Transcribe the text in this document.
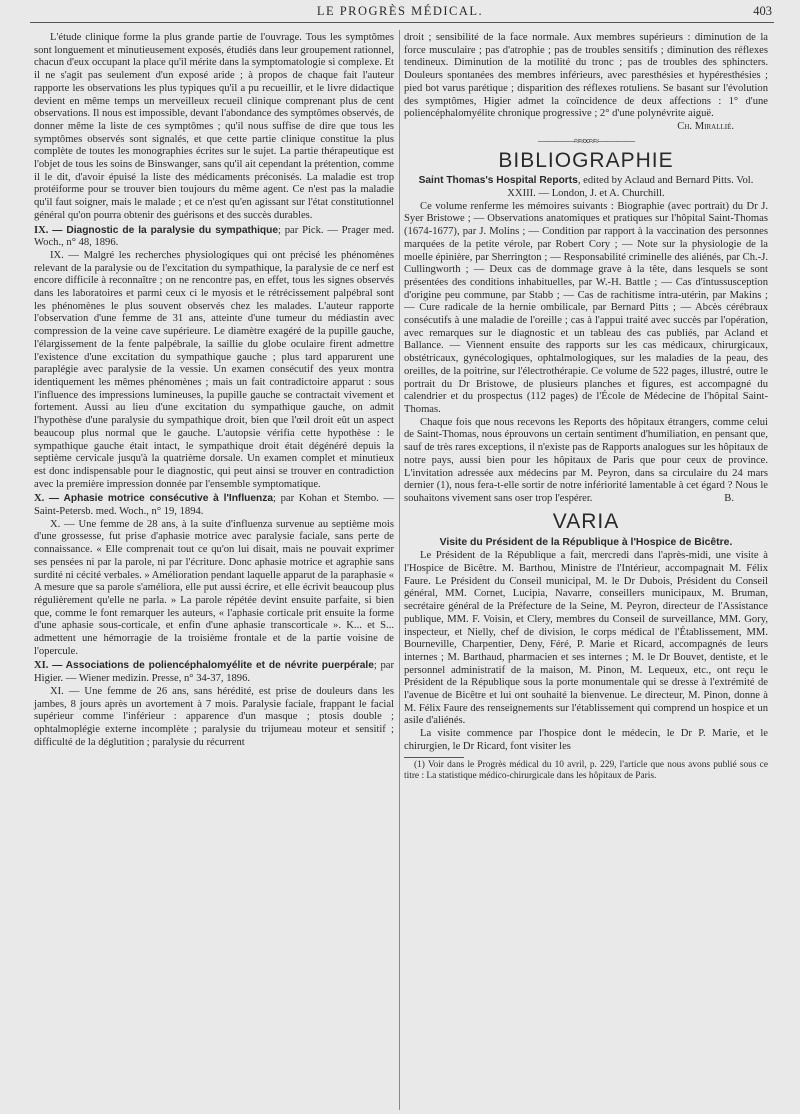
LE PROGRÈS MÉDICAL.	403

L'étude clinique forme la plus grande partie de l'ouvrage. Tous les symptômes sont longuement et minutieusement exposés, étudiés dans leur groupement rationnel, chacun d'eux occupant la place qu'il mérite dans la symptomatologie si complexe. Et il ne s'agit pas seulement d'un exposé aride ; à propos de chaque fait l'auteur rapporte les observations les plus typiques qu'il a pu recueillir, et le livre didactique devient en même temps un merveilleux recueil clinique comprenant plus de cent observations. Il nous est impossible, devant l'abondance des symptômes observés, de donner même la liste de ces symptômes ; qu'il nous suffise de dire que tous les symptômes observés sont signalés, et que cette partie clinique constitue la plus complète de toutes les monographies écrites sur le sujet. La partie thérapeutique est l'objet de tous les soins de Binswanger, sans qu'il ait cependant la prétention, comme il le dit, d'avoir épuisé la liste des médicaments préconisés. La maladie est trop protéiforme pour se trouver bien toujours du même agent. Ce n'est pas la maladie qu'il faut soigner, mais le malade ; et ce n'est qu'en agissant sur l'état constitutionnel général qu'on pourra obtenir des guérisons et des succès durables.

IX. — Diagnostic de la paralysie du sympathique; par Pick. — Prager med. Woch., n° 48, 1896.

IX. — Malgré les recherches physiologiques qui ont précisé les phénomènes relevant de la paralysie ou de l'excitation du sympathique, la paralysie de ce nerf est encore difficile à reconnaître ; on ne rencontre pas, en effet, tous les signes observés dans les laboratoires et parmi ceux ci le myosis et le rétrécissement palpébral sont les phénomènes le plus souvent observés chez les malades. L'auteur rapporte l'observation d'une femme de 31 ans, atteinte d'une tumeur du médiastin avec compression de la veine cave supérieure. Le diamètre exagéré de la pupille gauche, l'élargissement de la fente palpébrale, la saillie du globe oculaire firent admettre l'existence d'une excitation du sympathique gauche ; plus tard apparurent une paraplégie avec paralysie de la vessie. Un examen consécutif des yeux montra identiquement les mêmes phénomènes ; mais un fait contradictoire apparut : sous l'influence des impressions lumineuses, la pupille gauche se contractait vivement et fortement. Aussi au lieu d'une excitation du sympathique gauche, on admit l'hypothèse d'une paralysie du sympathique droit, bien que l'œil droit eût un aspect beaucoup plus normal que le gauche. L'autopsie vérifia cette hypothèse : le sympathique gauche était intact, le sympathique droit était dégénéré depuis la septième cervicale jusqu'à la quatrième dorsale. Un examen complet et minutieux est donc indispensable pour le diagnostic, qui peut ainsi se trouver en contradiction avec la première impression donnée par l'ensemble symptomatique.

X. — Aphasie motrice consécutive à l'Influenza; par Kohan et Stembo. — Saint-Petersb. med. Woch., n° 19, 1894.

X. — Une femme de 28 ans, à la suite d'influenza survenue au septième mois d'une grossesse, fut prise d'aphasie motrice avec paralysie faciale, sans perte de connaissance. « Elle comprenait tout ce qu'on lui disait, mais ne pouvait exprimer ses pensées ni par la parole, ni par l'écriture. Donc aphasie motrice et agraphie sans surdité ni cécité verbales. » Amélioration pendant laquelle apparut de la paraphasie « A mesure que sa parole s'améliora, elle put aussi écrire, et elle écrivit beaucoup plus régulièrement qu'elle ne parla. » La parole répétée devint ensuite parfaite, si bien que, comme le font remarquer les auteurs, « l'aphasie corticale prit ensuite la forme d'une aphasie sous-corticale, et enfin d'une aphasie transcorticale ». K... et S... admettent une hémorragie de la troisième frontale et de la partie voisine de l'opercule.

XI. — Associations de poliencéphalomyélite et de névrite puerpérale; par Higier. — Wiener medizin. Presse, n° 34-37, 1896.

XI. — Une femme de 26 ans, sans hérédité, est prise de douleurs dans les jambes, 8 jours après un avortement à 7 mois. Paralysie faciale, frappant le facial supérieur comme l'inférieur : apparence d'un masque ; ptosis double ; ophtalmoplégie externe incomplète ; paralysie du trijumeau moteur et sensitif ; difficulté de la déglutition ; paralysie du récurrent

droit ; sensibilité de la face normale. Aux membres supérieurs : diminution de la force musculaire ; pas d'atrophie ; pas de troubles sensitifs ; diminution des réflexes tendineux. Diminution de la motilité du tronc ; pas de troubles des sphincters. Douleurs spontanées des membres inférieurs, avec paresthésies et hypéresthésies ; pied bot varus parétique ; disparition des réflexes rotuliens. Se basant sur l'évolution des symptômes, Higier admet la coïncidence de deux affections : 1° d'une poliencéphalomyélite chronique progressive ; 2° d'une polynévrite aiguë.

Ch. Mirallié.

————≈≈∞≈≈————

BIBLIOGRAPHIE

Saint Thomas's Hospital Reports, edited by Aclaud and Bernard Pitts. Vol. XXIII. — London, J. et A. Churchill.

Ce volume renferme les mémoires suivants : Biographie (avec portrait) du Dr J. Syer Bristowe ; — Observations anatomiques et pratiques sur l'hôpital Saint-Thomas (1674-1677), par J. Molins ; — Condition par rapport à la vaccination des personnes marquées de la petite vérole, par Robert Cory ; — Note sur la physiologie de la moelle épinière, par Sherrington ; — Responsabilité criminelle des aliénés, par Ch.-J. Cullingworth ; — Deux cas de dommage grave à la tête, dans lesquels se sont présentées des conditions inhabituelles, par W.-H. Battle ; — Cas d'intussusception d'origine peu commune, par Stabb ; — Cas de rachitisme intra-utérin, par Makins ; — Cure radicale de la hernie ombilicale, par Bernard Pitts ; — Abcès cérébraux consécutifs à une maladie de l'oreille ; cas à l'appui traité avec succès par l'opération, avec remarques sur le diagnostic et un tableau des cas publiés, par Acland et Ballance. — Viennent ensuite des rapports sur les cas médicaux, chirurgicaux, obstétricaux, gynécologiques, ophtalmologiques, sur les maladies de la peau, des oreilles, de la poitrine, sur l'électrothérapie. Ce volume de 522 pages, illustré, outre le portrait du Dr Bristowe, de plusieurs planches et figures, est accompagné du calendrier et du prospectus (112 pages) de l'École de Médecine de l'hôpital Saint-Thomas.

Chaque fois que nous recevons les Reports des hôpitaux étrangers, comme celui de Saint-Thomas, nous éprouvons un certain sentiment d'humiliation, en pensant que, sauf de très rares exceptions, il n'existe pas de Rapports analogues sur les hôpitaux de notre pays, aussi bien pour les hôpitaux de Paris que pour ceux de province. L'invitation adressée aux médecins par M. Peyron, dans sa circulaire du 24 mars dernier (1), nous fera-t-elle sortir de notre infériorité lamentable à cet égard ? Nous le souhaitons vivement sans oser trop l'espérer.	B.

VARIA

Visite du Président de la République à l'Hospice de Bicêtre.

Le Président de la République a fait, mercredi dans l'après-midi, une visite à l'Hospice de Bicêtre. M. Barthou, Ministre de l'Intérieur, accompagnait M. Félix Faure. Le Président du Conseil municipal, M. le Dr Dubois, Président du Conseil général, MM. Cornet, Lucipia, Navarre, conseillers municipaux, M. Bruman, secrétaire général de la Préfecture de la Seine, M. Peyron, directeur de l'Assistance publique, MM. F. Voisin, et Clery, membres du Conseil de surveillance, MM. Gory, inspecteur, et Nielly, chef de division, le corps médical de l'Établissement, MM. Bourneville, Charpentier, Deny, Féré, P. Marie et Ricard, accompagnés de leurs internes ; M. Barthaud, pharmacien et ses internes ; M. le Dr Bouvet, dentiste, et le personnel administratif de la maison, M. Pinon, M. Lequeux, etc., ont reçu le Président de la République sous la porte monumentale qui se dresse à l'extrémité de l'avenue de Bicêtre et lui ont souhaité la bienvenue. Le directeur, M. Pinon, donne à M. Félix Faure des renseignements sur l'établissement qui comprend un hospice et un asile d'aliénés.

La visite commence par l'hospice dont le médecin, le Dr P. Marie, et le chirurgien, le Dr Ricard, font visiter les

(1) Voir dans le Progrès médical du 10 avril, p. 229, l'article que nous avons publié sous ce titre : La statistique médico-chirurgicale dans les hôpitaux de Paris.
